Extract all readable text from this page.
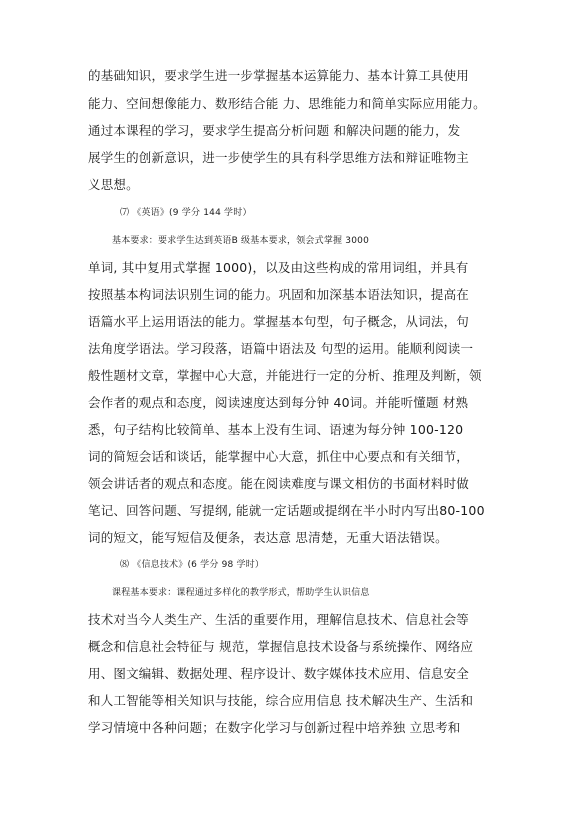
的基础知识，要求学生进一步掌握基本运算能力、基本计算工具使用
能力、空间想像能力、数形结合能 力、思维能力和简单实际应用能力。
通过本课程的学习，要求学生提高分析问题 和解决问题的能力，发
展学生的创新意识，进一步使学生的具有科学思维方法和辩证唯物主
义思想。
⑺ 《英语》(9 学分 144 学时）
基本要求：要求学生达到英语B 级基本要求，领会式掌握 3000
单词, 其中复用式掌握 1000)，以及由这些构成的常用词组，并具有
按照基本构词法识别生词的能力。巩固和加深基本语法知识，提高在
语篇水平上运用语法的能力。掌握基本句型，句子概念，从词法，句
法角度学语法。学习段落，语篇中语法及 句型的运用。能顺利阅读一
般性题材文章，掌握中心大意，并能进行一定的分析、推理及判断，领
会作者的观点和态度，阅读速度达到每分钟 40词。并能听懂题 材熟
悉，句子结构比较简单、基本上没有生词、语速为每分钟 100-120
词的简短会话和谈话，能掌握中心大意，抓住中心要点和有关细节，
领会讲话者的观点和态度。能在阅读难度与课文相仿的书面材料时做
笔记、回答问题、写提纲, 能就一定话题或提纲在半小时内写出80-100
词的短文，能写短信及便条，表达意 思清楚，无重大语法错误。
⑻ 《信息技术》(6 学分 98 学时）
课程基本要求：课程通过多样化的教学形式，帮助学生认识信息
技术对当今人类生产、生活的重要作用，理解信息技术、信息社会等
概念和信息社会特征与 规范，掌握信息技术设备与系统操作、网络应
用、图文编辑、数据处理、程序设计、数字媒体技术应用、信息安全
和人工智能等相关知识与技能，综合应用信息 技术解决生产、生活和
学习情境中各种问题；在数字化学习与创新过程中培养独 立思考和
